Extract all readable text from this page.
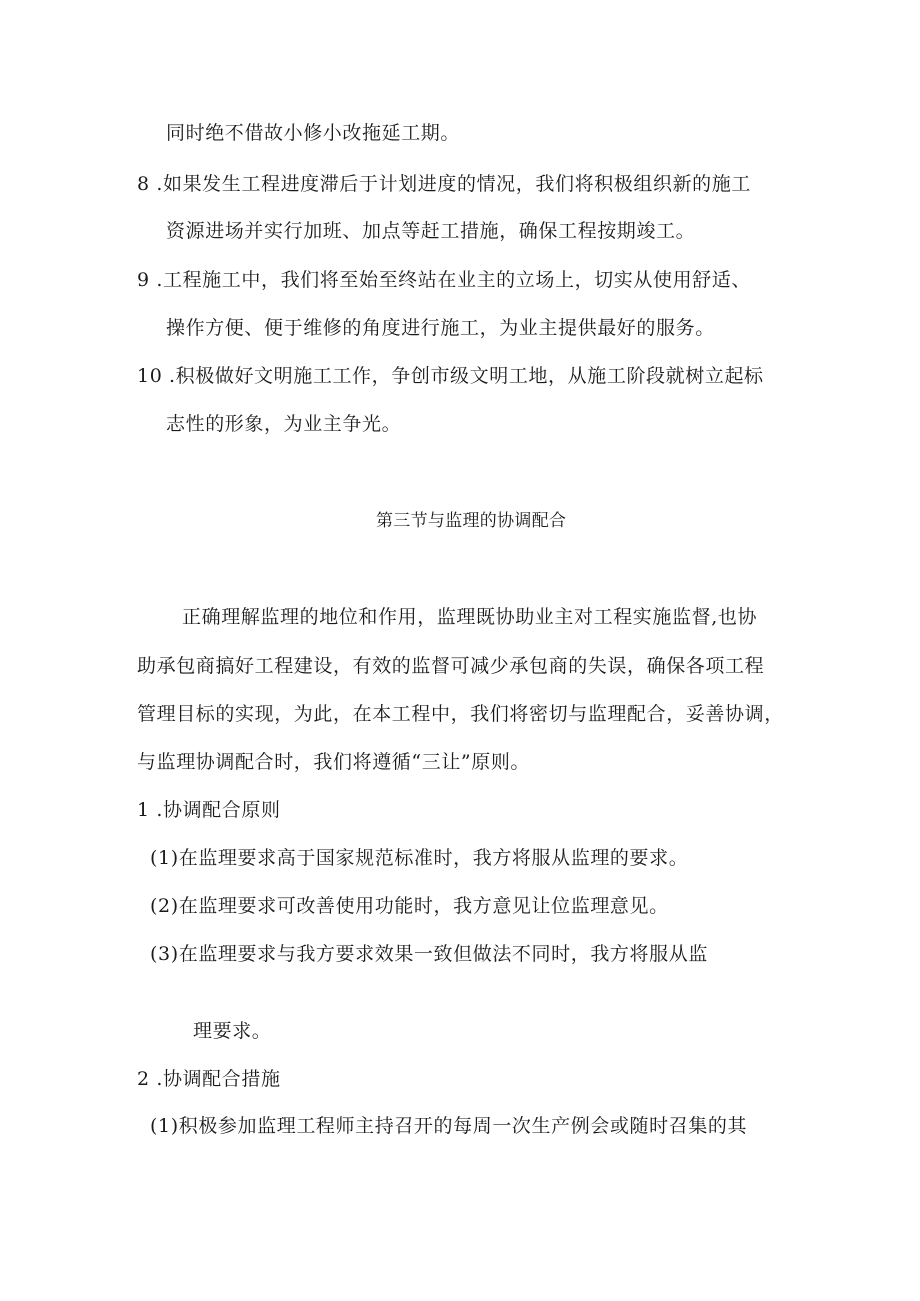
同时绝不借故小修小改拖延工期。
8 .如果发生工程进度滞后于计划进度的情况，我们将积极组织新的施工
资源进场并实行加班、加点等赶工措施，确保工程按期竣工。
9 .工程施工中，我们将至始至终站在业主的立场上，切实从使用舒适、
操作方便、便于维修的角度进行施工，为业主提供最好的服务。
10 .积极做好文明施工工作，争创市级文明工地，从施工阶段就树立起标
志性的形象，为业主争光。
第三节与监理的协调配合
正确理解监理的地位和作用，监理既协助业主对工程实施监督,也协
助承包商搞好工程建设，有效的监督可减少承包商的失误，确保各项工程
管理目标的实现，为此，在本工程中，我们将密切与监理配合，妥善协调，
与监理协调配合时，我们将遵循“三让”原则。
1 .协调配合原则
(1)在监理要求高于国家规范标准时，我方将服从监理的要求。
(2)在监理要求可改善使用功能时，我方意见让位监理意见。
(3)在监理要求与我方要求效果一致但做法不同时，我方将服从监
理要求。
2 .协调配合措施
(1)积极参加监理工程师主持召开的每周一次生产例会或随时召集的其
